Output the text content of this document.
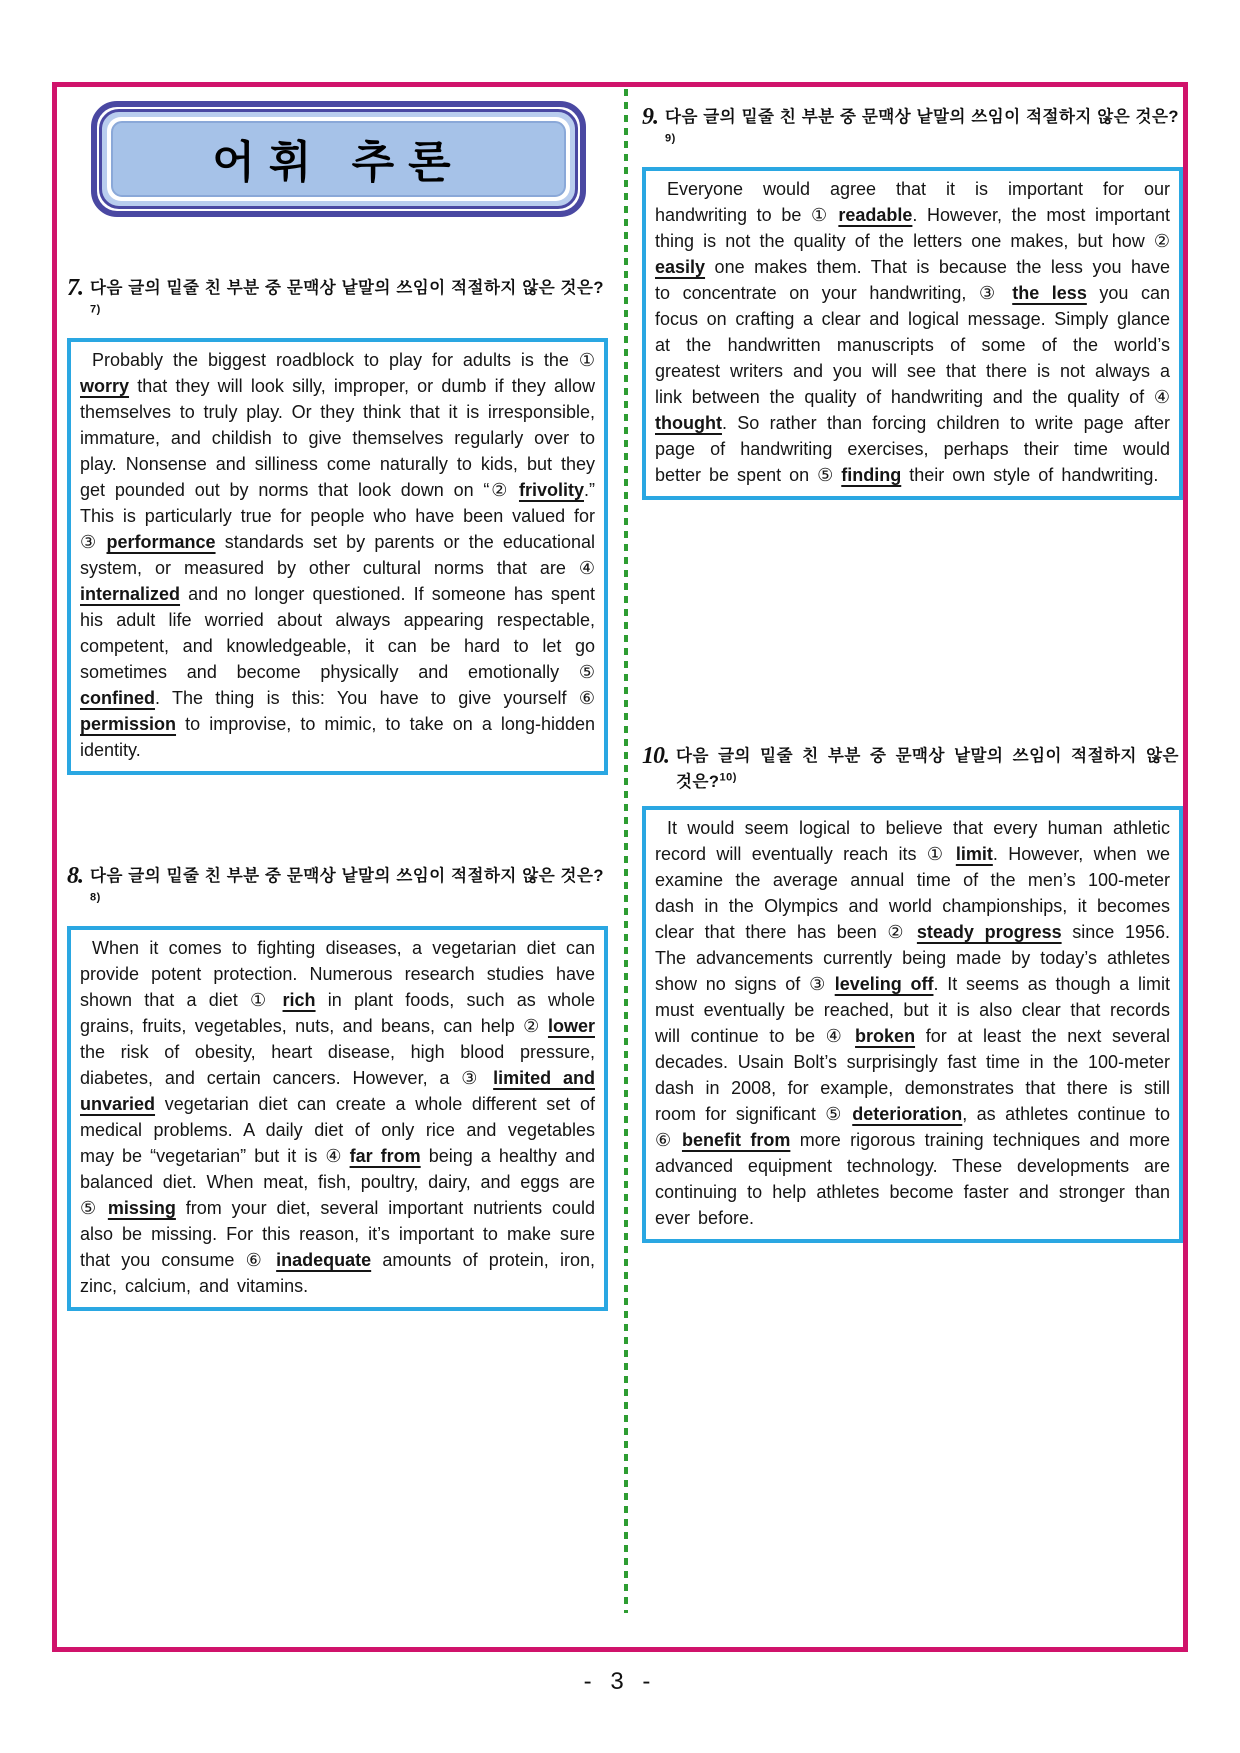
어휘 추론
7. 다음 글의 밑줄 친 부분 중 문맥상 낱말의 쓰임이 적절하지 않은 것은?$^{7)}$
Probably the biggest roadblock to play for adults is the ① worry that they will look silly, improper, or dumb if they allow themselves to truly play. Or they think that it is irresponsible, immature, and childish to give themselves regularly over to play. Nonsense and silliness come naturally to kids, but they get pounded out by norms that look down on “② frivolity.” This is particularly true for people who have been valued for ③ performance standards set by parents or the educational system, or measured by other cultural norms that are ④ internalized and no longer questioned. If someone has spent his adult life worried about always appearing respectable, competent, and knowledgeable, it can be hard to let go sometimes and become physically and emotionally ⑤ confined. The thing is this: You have to give yourself ⑥ permission to improvise, to mimic, to take on a long-hidden identity.
8. 다음 글의 밑줄 친 부분 중 문맥상 낱말의 쓰임이 적절하지 않은 것은?$^{8)}$
When it comes to fighting diseases, a vegetarian diet can provide potent protection. Numerous research studies have shown that a diet ① rich in plant foods, such as whole grains, fruits, vegetables, nuts, and beans, can help ② lower the risk of obesity, heart disease, high blood pressure, diabetes, and certain cancers. However, a ③ limited and unvaried vegetarian diet can create a whole different set of medical problems. A daily diet of only rice and vegetables may be “vegetarian” but it is ④ far from being a healthy and balanced diet. When meat, fish, poultry, dairy, and eggs are ⑤ missing from your diet, several important nutrients could also be missing. For this reason, it’s important to make sure that you consume ⑥ inadequate amounts of protein, iron, zinc, calcium, and vitamins.
9. 다음 글의 밑줄 친 부분 중 문맥상 낱말의 쓰임이 적절하지 않은 것은?$^{9)}$
Everyone would agree that it is important for our handwriting to be ① readable. However, the most important thing is not the quality of the letters one makes, but how ② easily one makes them. That is because the less you have to concentrate on your handwriting, ③ the less you can focus on crafting a clear and logical message. Simply glance at the handwritten manuscripts of some of the world’s greatest writers and you will see that there is not always a link between the quality of handwriting and the quality of ④ thought. So rather than forcing children to write page after page of handwriting exercises, perhaps their time would better be spent on ⑤ finding their own style of handwriting.
10. 다음 글의 밑줄 친 부분 중 문맥상 낱말의 쓰임이 적절하지 않은 것은?$^{10)}$
It would seem logical to believe that every human athletic record will eventually reach its ① limit. However, when we examine the average annual time of the men’s 100-meter dash in the Olympics and world championships, it becomes clear that there has been ② steady progress since 1956. The advancements currently being made by today’s athletes show no signs of ③ leveling off. It seems as though a limit must eventually be reached, but it is also clear that records will continue to be ④ broken for at least the next several decades. Usain Bolt’s surprisingly fast time in the 100-meter dash in 2008, for example, demonstrates that there is still room for significant ⑤ deterioration, as athletes continue to ⑥ benefit from more rigorous training techniques and more advanced equipment technology. These developments are continuing to help athletes become faster and stronger than ever before.
- 3 -
